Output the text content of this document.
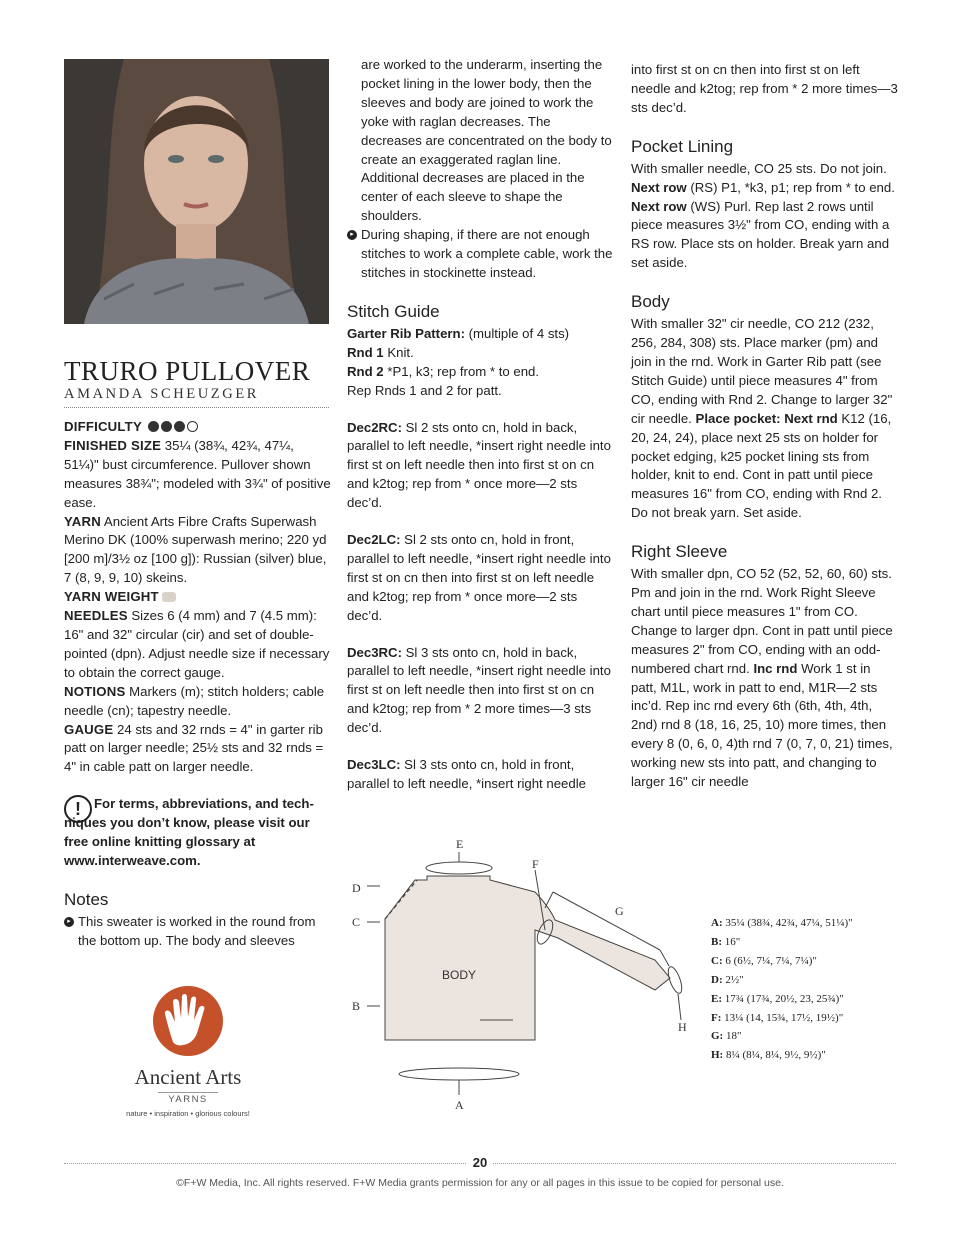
TRURO PULLOVER
AMANDA SCHEUZGER

DIFFICULTY

FINISHED SIZE 35¼ (38¾, 42¾, 47¼, 51¼)" bust circumference. Pullover shown measures 38¾"; modeled with 3¾" of positive ease.

YARN Ancient Arts Fibre Crafts Superwash Merino DK (100% superwash merino; 220 yd [200 m]/3½ oz [100 g]): Russian (silver) blue, 7 (8, 9, 9, 10) skeins.

YARN WEIGHT

NEEDLES Sizes 6 (4 mm) and 7 (4.5 mm): 16" and 32" circular (cir) and set of double-pointed (dpn). Adjust needle size if necessary to obtain the correct gauge.

NOTIONS Markers (m); stitch holders; cable needle (cn); tapestry needle.

GAUGE 24 sts and 32 rnds = 4" in garter rib patt on larger needle; 25½ sts and 32 rnds = 4" in cable patt on larger needle.

! For terms, abbreviations, and tech-
niques you don’t know, please visit our free online knitting glossary at www.interweave.com.
Notes

▸ This sweater is worked in the round from the bottom up. The body and sleeves

Ancient Arts
YARNS
nature • inspiration • glorious colours!

are worked to the underarm, inserting the pocket lining in the lower body, then the sleeves and body are joined to work the yoke with raglan decreases. The decreases are concentrated on the body to create an exaggerated raglan line. Additional decreases are placed in the center of each sleeve to shape the shoulders.

▸ During shaping, if there are not enough stitches to work a complete cable, work the stitches in stockinette instead.

Stitch Guide

Garter Rib Pattern: (multiple of 4 sts)

Rnd 1 Knit.

Rnd 2 *P1, k3; rep from * to end.

Rep Rnds 1 and 2 for patt.

Dec2RC: Sl 2 sts onto cn, hold in back, parallel to left needle, *insert right needle into first st on left needle then into first st on cn and k2tog; rep from * once more—2 sts dec’d.

Dec2LC: Sl 2 sts onto cn, hold in front, parallel to left needle, *insert right needle into first st on cn then into first st on left needle and k2tog; rep from * once more—2 sts dec’d.

Dec3RC: Sl 3 sts onto cn, hold in back, parallel to left needle, *insert right needle into first st on left needle then into first st on cn and k2tog; rep from * 2 more times—3 sts dec’d.

Dec3LC: Sl 3 sts onto cn, hold in front, parallel to left needle, *insert right needle

into first st on cn then into first st on left needle and k2tog; rep from * 2 more times—3 sts dec’d.

Pocket Lining

With smaller needle, CO 25 sts. Do not join. Next row (RS) P1, *k3, p1; rep from * to end. Next row (WS) Purl. Rep last 2 rows until piece measures 3½" from CO, ending with a RS row. Place sts on holder. Break yarn and set aside.

Body

With smaller 32" cir needle, CO 212 (232, 256, 284, 308) sts. Place marker (pm) and join in the rnd. Work in Garter Rib patt (see Stitch Guide) until piece measures 4" from CO, ending with Rnd 2. Change to larger 32" cir needle. Place pocket: Next rnd K12 (16, 20, 24, 24), place next 25 sts on holder for pocket edging, k25 pocket lining sts from holder, knit to end. Cont in patt until piece measures 16" from CO, ending with Rnd 2. Do not break yarn. Set aside.

Right Sleeve

With smaller dpn, CO 52 (52, 52, 60, 60) sts. Pm and join in the rnd. Work Right Sleeve chart until piece measures 1" from CO. Change to larger dpn. Cont in patt until piece measures 2" from CO, ending with an odd-numbered chart rnd. Inc rnd Work 1 st in patt, M1L, work in patt to end, M1R—2 sts inc’d. Rep inc rnd every 6th (6th, 4th, 4th, 2nd) rnd 8 (18, 16, 25, 10) more times, then every 8 (0, 6, 0, 4)th rnd 7 (0, 7, 0, 21) times, working new sts into patt, and changing to larger 16" cir needle

E
F
G
H
D
C
B
A
BODY
A: 35¼ (38¾, 42¾, 47¼, 51¼)"
B: 16"
C: 6 (6½, 7¼, 7¼, 7¼)"
D: 2½"
E: 17¾ (17¾, 20½, 23, 25¾)"
F: 13¼ (14, 15¾, 17½, 19½)"
G: 18"
H: 8¼ (8¼, 8¼, 9½, 9½)"
20
©F+W Media, Inc. All rights reserved. F+W Media grants permission for any or all pages in this issue to be copied for personal use.
